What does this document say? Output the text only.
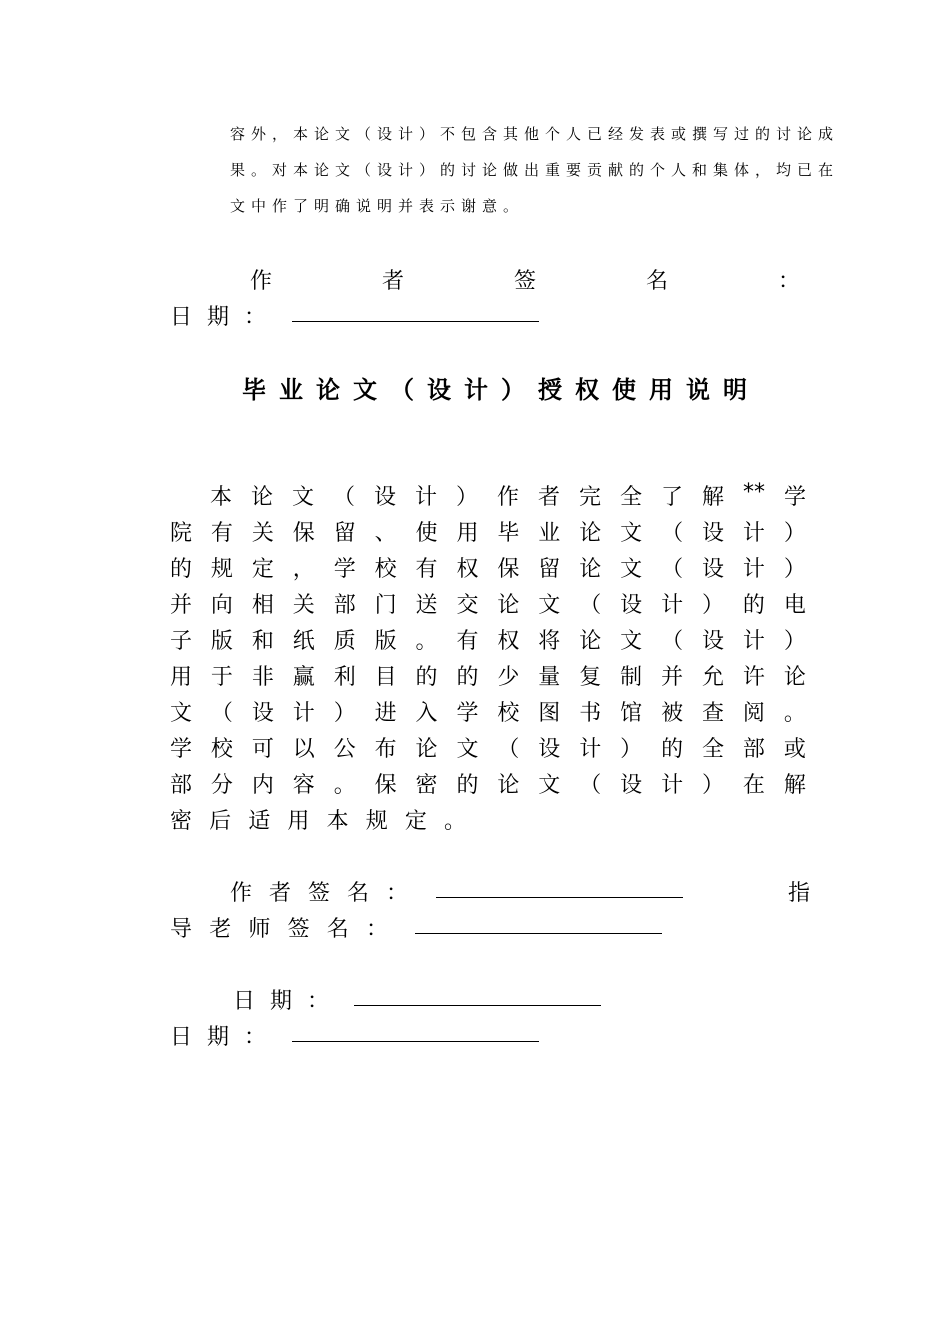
容外，本论文（设计）不包含其他个人已经发表或撰写过的讨论成

果。对本论文（设计）的讨论做出重要贡献的个人和集体，均已在

文中作了明确说明并表示谢意。

作	者	签	名	：
日 期 ：
毕业论文（设计）授权使用说明
本 论 文 （ 设 计 ） 作 者 完 全 了 解 ** 学
院 有 关 保 留 、 使 用 毕 业 论 文 （ 设 计 ）
的 规 定 ， 学 校 有 权 保 留 论 文 （ 设 计 ）
并 向 相 关 部 门 送 交 论 文 （ 设 计 ） 的 电
子 版 和 纸 质 版 。 有 权 将 论 文 （ 设 计 ）
用 于 非 赢 利 目 的 的 少 量 复 制 并 允 许 论
文 （ 设 计 ） 进 入 学 校 图 书 馆 被 查 阅 。
学 校 可 以 公 布 论 文 （ 设 计 ） 的 全 部 或
部 分 内 容 。 保 密 的 论 文 （ 设 计 ） 在 解
密 后 适 用 本 规 定 。
作 者 签 名 ：	指
导 老 师 签 名 ：
日 期 ：
日 期 ：
